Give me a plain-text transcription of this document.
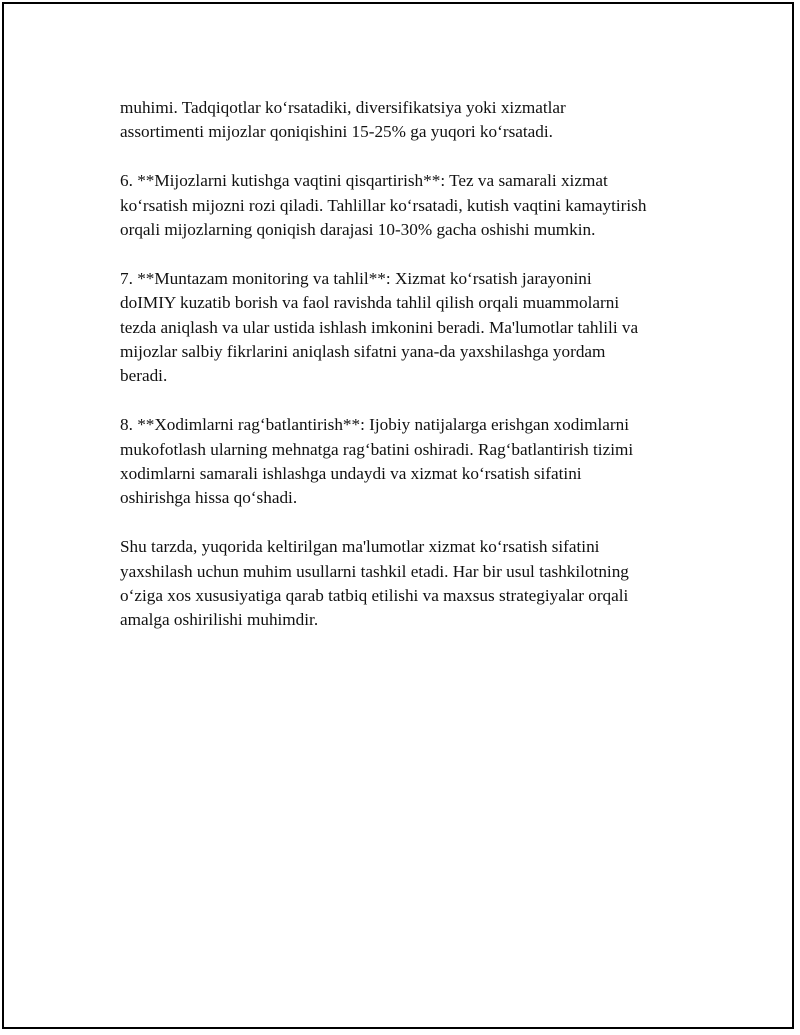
muhimi. Tadqiqotlar ko‘rsatadiki, diversifikatsiya yoki xizmatlar
assortimenti mijozlar qoniqishini 15-25% ga yuqori ko‘rsatadi.

6. **Mijozlarni kutishga vaqtini qisqartirish**: Tez va samarali xizmat
ko‘rsatish mijozni rozi qiladi. Tahlillar ko‘rsatadi, kutish vaqtini kamaytirish
orqali mijozlarning qoniqish darajasi 10-30% gacha oshishi mumkin.

7. **Muntazam monitoring va tahlil**: Xizmat ko‘rsatish jarayonini
doIMIY kuzatib borish va faol ravishda tahlil qilish orqali muammolarni
tezda aniqlash va ular ustida ishlash imkonini beradi. Ma'lumotlar tahlili va
mijozlar salbiy fikrlarini aniqlash sifatni yana-da yaxshilashga yordam
beradi.

8. **Xodimlarni rag‘batlantirish**: Ijobiy natijalarga erishgan xodimlarni
mukofotlash ularning mehnatga rag‘batini oshiradi. Rag‘batlantirish tizimi
xodimlarni samarali ishlashga undaydi va xizmat ko‘rsatish sifatini
oshirishga hissa qo‘shadi.

Shu tarzda, yuqorida keltirilgan ma'lumotlar xizmat ko‘rsatish sifatini
yaxshilash uchun muhim usullarni tashkil etadi. Har bir usul tashkilotning
o‘ziga xos xususiyatiga qarab tatbiq etilishi va maxsus strategiyalar orqali
amalga oshirilishi muhimdir.
